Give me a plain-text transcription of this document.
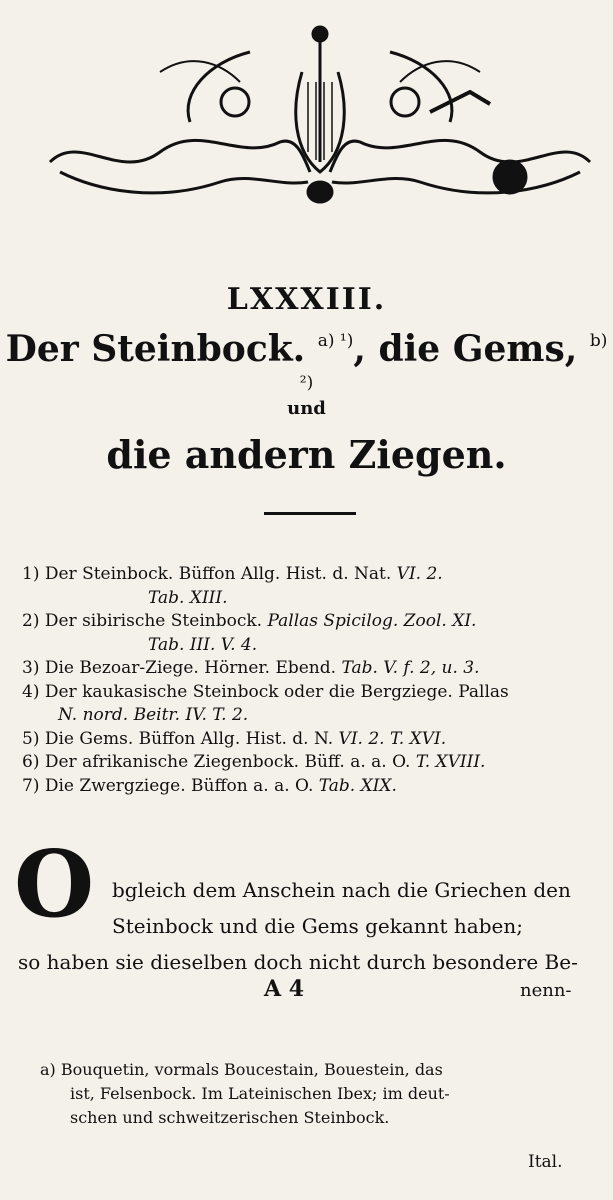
LXXXIII.
Der Steinbock. $^{a) ^1)}$, die Gems, $^{b) ^2)}$
und
die andern Ziegen.
1) Der Steinbock. Büffon Allg. Hist. d. Nat. VI. 2.
Tab. XIII.
2) Der sibirische Steinbock. Pallas Spicilog. Zool. XI.
Tab. III. V. 4.
3) Die Bezoar-Ziege. Hörner. Ebend. Tab. V. f. 2, u. 3.
4) Der kaukasische Steinbock oder die Bergziege. Pallas
N. nord. Beitr. IV. T. 2.
5) Die Gems. Büffon Allg. Hist. d. N. VI. 2. T. XVI.
6) Der afrikanische Ziegenbock. Büff. a. a. O. T. XVIII.
7) Die Zwergziege. Büffon a. a. O. Tab. XIX.
O bgleich dem Anschein nach die Griechen den
Steinbock und die Gems gekannt haben;
so haben sie dieselben doch nicht durch besondere Be-
A 4	nenn-
a) Bouquetin, vormals Boucestain, Bouestein, das
ist, Felsenbock. Im Lateinischen Ibex; im deut-
schen und schweitzerischen Steinbock.
Ital.
